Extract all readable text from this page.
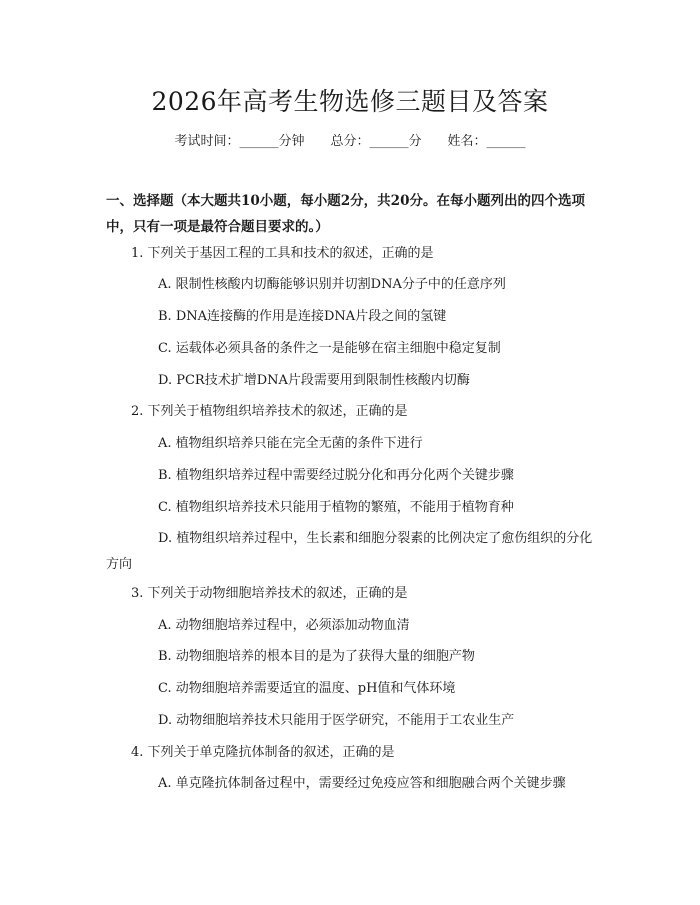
2026年高考生物选修三题目及答案
考试时间：______分钟 总分：______分 姓名：______
一、选择题（本大题共10小题，每小题2分，共20分。在每小题列出的四个选项中，只有一项是最符合题目要求的。）
1. 下列关于基因工程的工具和技术的叙述，正确的是
A. 限制性核酸内切酶能够识别并切割DNA分子中的任意序列
B. DNA连接酶的作用是连接DNA片段之间的氢键
C. 运载体必须具备的条件之一是能够在宿主细胞中稳定复制
D. PCR技术扩增DNA片段需要用到限制性核酸内切酶
2. 下列关于植物组织培养技术的叙述，正确的是
A. 植物组织培养只能在完全无菌的条件下进行
B. 植物组织培养过程中需要经过脱分化和再分化两个关键步骤
C. 植物组织培养技术只能用于植物的繁殖，不能用于植物育种
D. 植物组织培养过程中，生长素和细胞分裂素的比例决定了愈伤组织的分化方向
3. 下列关于动物细胞培养技术的叙述，正确的是
A. 动物细胞培养过程中，必须添加动物血清
B. 动物细胞培养的根本目的是为了获得大量的细胞产物
C. 动物细胞培养需要适宜的温度、pH值和气体环境
D. 动物细胞培养技术只能用于医学研究，不能用于工农业生产
4. 下列关于单克隆抗体制备的叙述，正确的是
A. 单克隆抗体制备过程中，需要经过免疫应答和细胞融合两个关键步骤
